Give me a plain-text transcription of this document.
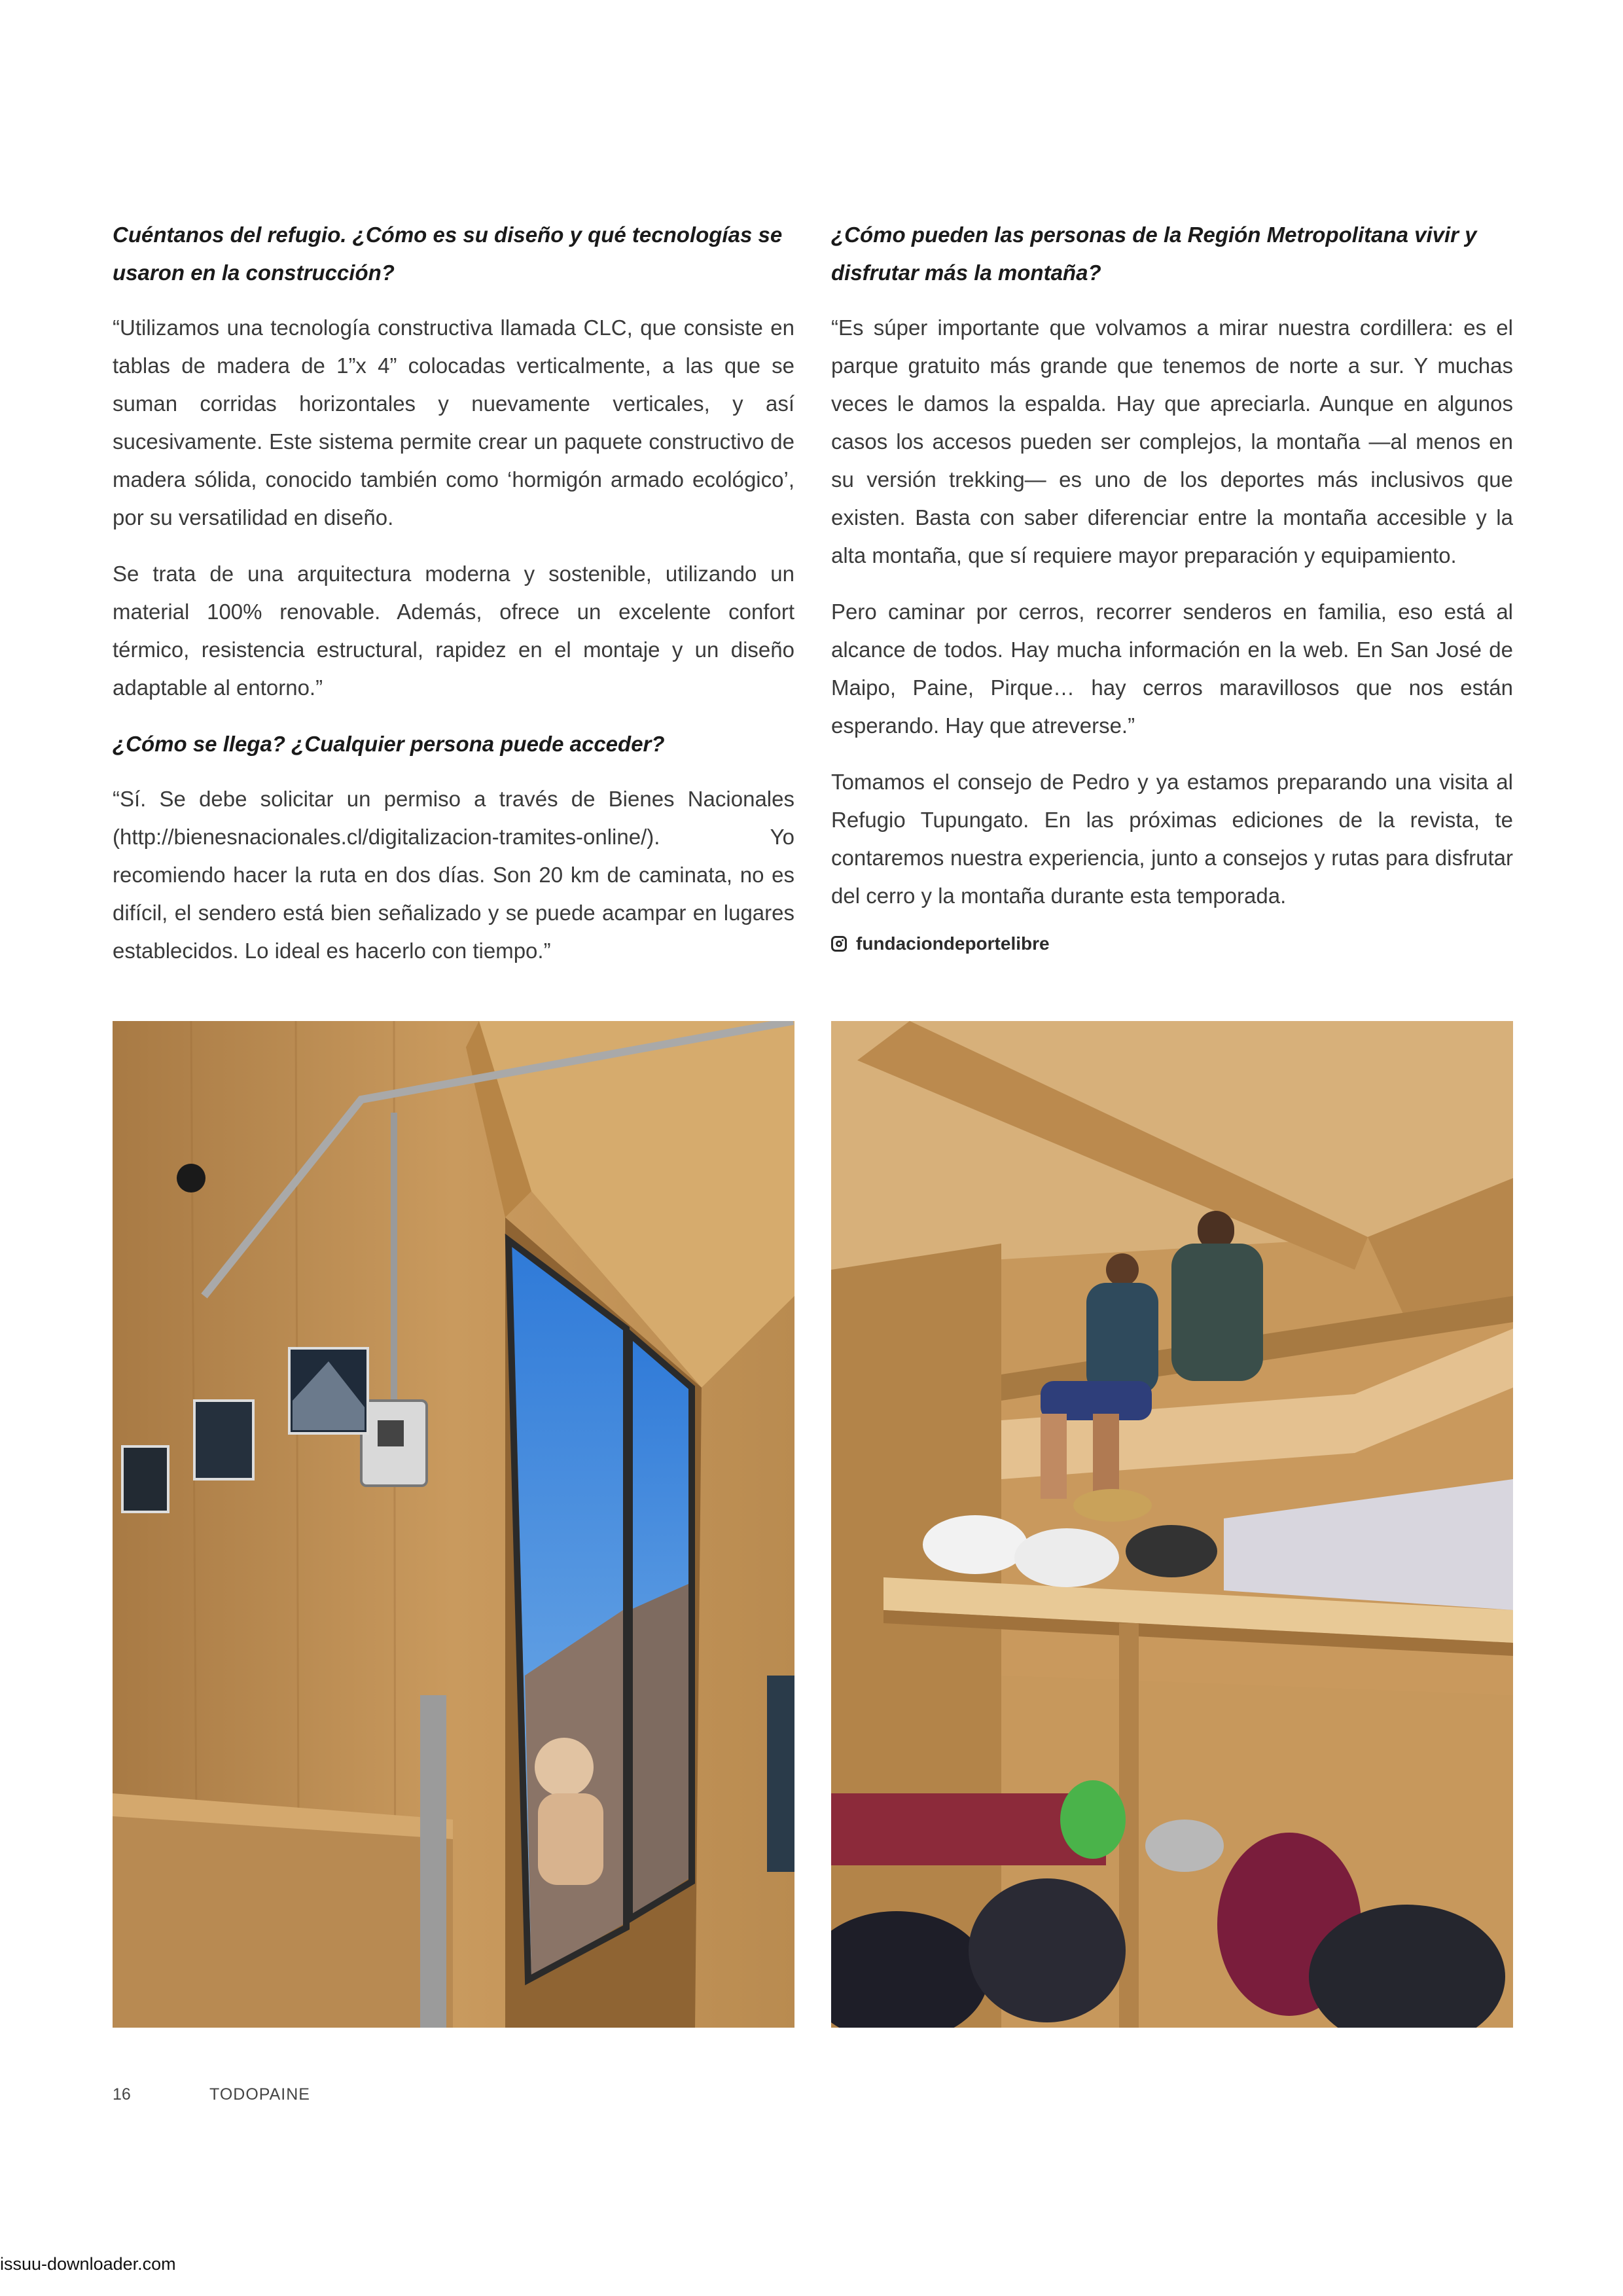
Cuéntanos del refugio. ¿Cómo es su diseño y qué tecnologías se usaron en la construcción?

“Utilizamos una tecnología constructiva llamada CLC, que consiste en tablas de madera de 1”x 4” colocadas verticalmente, a las que se suman corridas horizontales y nuevamente verticales, y así sucesivamente. Este sistema permite crear un paquete constructivo de madera sólida, conocido también como ‘hormigón armado ecológico’, por su versatilidad en diseño.

Se trata de una arquitectura moderna y sostenible, utilizando un material 100% renovable. Además, ofrece un excelente confort térmico, resistencia estructural, rapidez en el montaje y un diseño adaptable al entorno.”

¿Cómo se llega? ¿Cualquier persona puede acceder?

“Sí. Se debe solicitar un permiso a través de Bienes Nacionales (http://bienesnacionales.cl/digitalizacion-tramites-online/). Yo recomiendo hacer la ruta en dos días. Son 20 km de caminata, no es difícil, el sendero está bien señalizado y se puede acampar en lugares establecidos. Lo ideal es hacerlo con tiempo.”

¿Cómo pueden las personas de la Región Metropolitana vivir y disfrutar más la montaña?

“Es súper importante que volvamos a mirar nuestra cordillera: es el parque gratuito más grande que tenemos de norte a sur. Y muchas veces le damos la espalda. Hay que apreciarla. Aunque en algunos casos los accesos pueden ser complejos, la montaña —al menos en su versión trekking— es uno de los deportes más inclusivos que existen. Basta con saber diferenciar entre la montaña accesible y la alta montaña, que sí requiere mayor preparación y equipamiento.

Pero caminar por cerros, recorrer senderos en familia, eso está al alcance de todos. Hay mucha información en la web. En San José de Maipo, Paine, Pirque… hay cerros maravillosos que nos están esperando. Hay que atreverse.”

Tomamos el consejo de Pedro y ya estamos preparando una visita al Refugio Tupungato. En las próximas ediciones de la revista, te contaremos nuestra experiencia, junto a consejos y rutas para disfrutar del cerro y la montaña durante esta temporada.

fundaciondeportelibre
16	TODOPAINE
issuu-downloader.com
